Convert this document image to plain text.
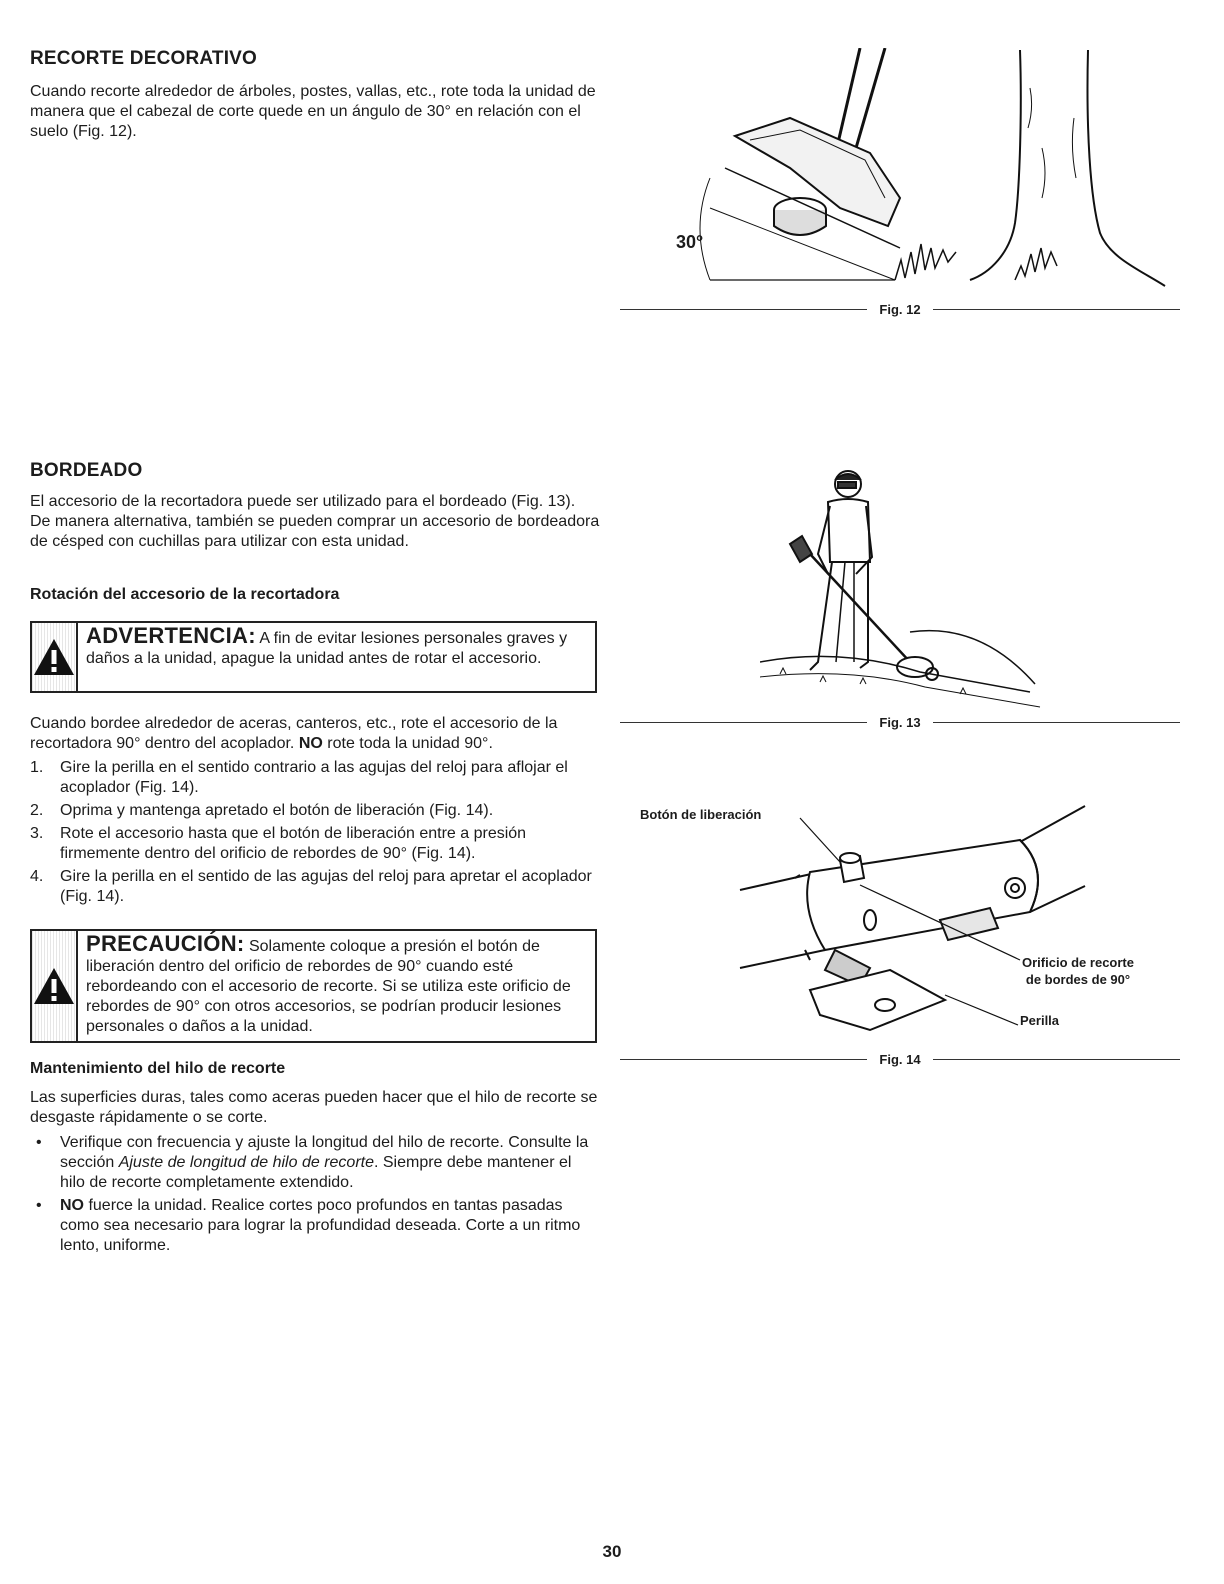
RECORTE DECORATIVO

Cuando recorte alrededor de árboles, postes, vallas, etc., rote toda la unidad de manera que el cabezal de corte quede en un ángulo de 30° en relación con el suelo (Fig. 12).

30°
Fig. 12
BORDEADO

El accesorio de la recortadora puede ser utilizado para el bordeado (Fig. 13). De manera alternativa, también se pueden comprar un accesorio de bordeadora de césped con cuchillas para utilizar con esta unidad.

Rotación del accesorio de la recortadora
ADVERTENCIA: A fin de evitar lesiones personales graves y daños a la unidad, apague la unidad antes de rotar el accesorio.

Cuando bordee alrededor de aceras, canteros, etc., rote el accesorio de la recortadora 90° dentro del acoplador. NO rote toda la unidad 90°.

1. Gire la perilla en el sentido contrario a las agujas del reloj para aflojar el acoplador (Fig. 14).
2. Oprima y mantenga apretado el botón de liberación (Fig. 14).
3. Rote el accesorio hasta que el botón de liberación entre a presión firmemente dentro del orificio de rebordes de 90° (Fig. 14).
4. Gire la perilla en el sentido de las agujas del reloj para apretar el acoplador (Fig. 14).
PRECAUCIÓN: Solamente coloque a presión el botón de liberación dentro del orificio de rebordes de 90° cuando esté rebordeando con el accesorio de recorte. Si se utiliza este orificio de rebordes de 90° con otros accesorios, se podrían producir lesiones personales o daños a la unidad.
Mantenimiento del hilo de recorte

Las superficies duras, tales como aceras pueden hacer que el hilo de recorte se desgaste rápidamente o se corte.

• Verifique con frecuencia y ajuste la longitud del hilo de recorte. Consulte la sección Ajuste de longitud de hilo de recorte. Siempre debe mantener el hilo de recorte completamente extendido.
• NO fuerce la unidad. Realice cortes poco profundos en tantas pasadas como sea necesario para lograr la profundidad deseada. Corte a un ritmo lento, uniforme.
Fig. 13
Botón de liberación
Orificio de recorte
de bordes de 90°
Perilla
Fig. 14
30
